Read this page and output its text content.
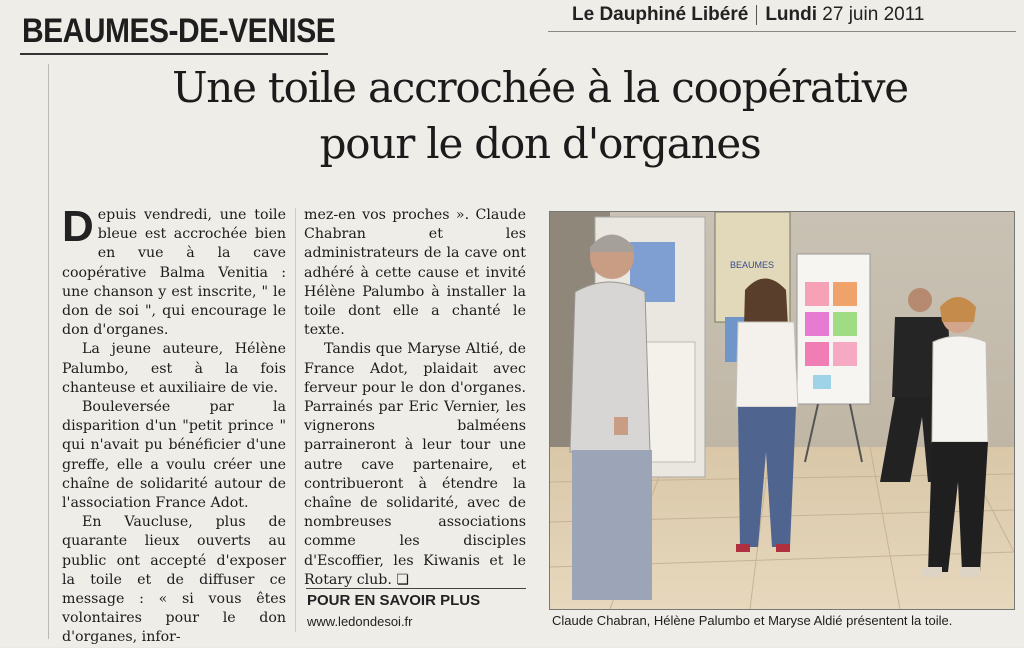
BEAUMES-DE-VENISE	Le Dauphiné Libéré Lundi 27 juin 2011
Une toile accrochée à la coopérative
pour le don d'organes

Depuis vendredi, une toile bleue est accrochée bien en vue à la cave coopérative Balma Venitia : une chanson y est inscrite, " le don de soi ", qui encourage le don d'organes.

La jeune auteure, Hélène Palumbo, est à la fois chanteuse et auxiliaire de vie.

Bouleversée par la disparition d'un "petit prince " qui n'avait pu bénéficier d'une greffe, elle a voulu créer une chaîne de solidarité autour de l'association France Adot.

En Vaucluse, plus de quarante lieux ouverts au public ont accepté d'exposer la toile et de diffuser ce message : « si vous êtes volontaires pour le don d'organes, infor-

mez-en vos proches ». Claude Chabran et les administrateurs de la cave ont adhéré à cette cause et invité Hélène Palumbo à installer la toile dont elle a chanté le texte.

Tandis que Maryse Altié, de France Adot, plaidait avec ferveur pour le don d'organes. Parrainés par Eric Vernier, les vignerons balméens parraineront à leur tour une autre cave partenaire, et contribueront à étendre la chaîne de solidarité, avec de nombreuses associations comme les disciples d'Escoffier, les Kiwanis et le Rotary club. ❏

POUR EN SAVOIR PLUS
www.ledondesoi.fr
BEAUMES
Claude Chabran, Hélène Palumbo et Maryse Aldié présentent la toile.
